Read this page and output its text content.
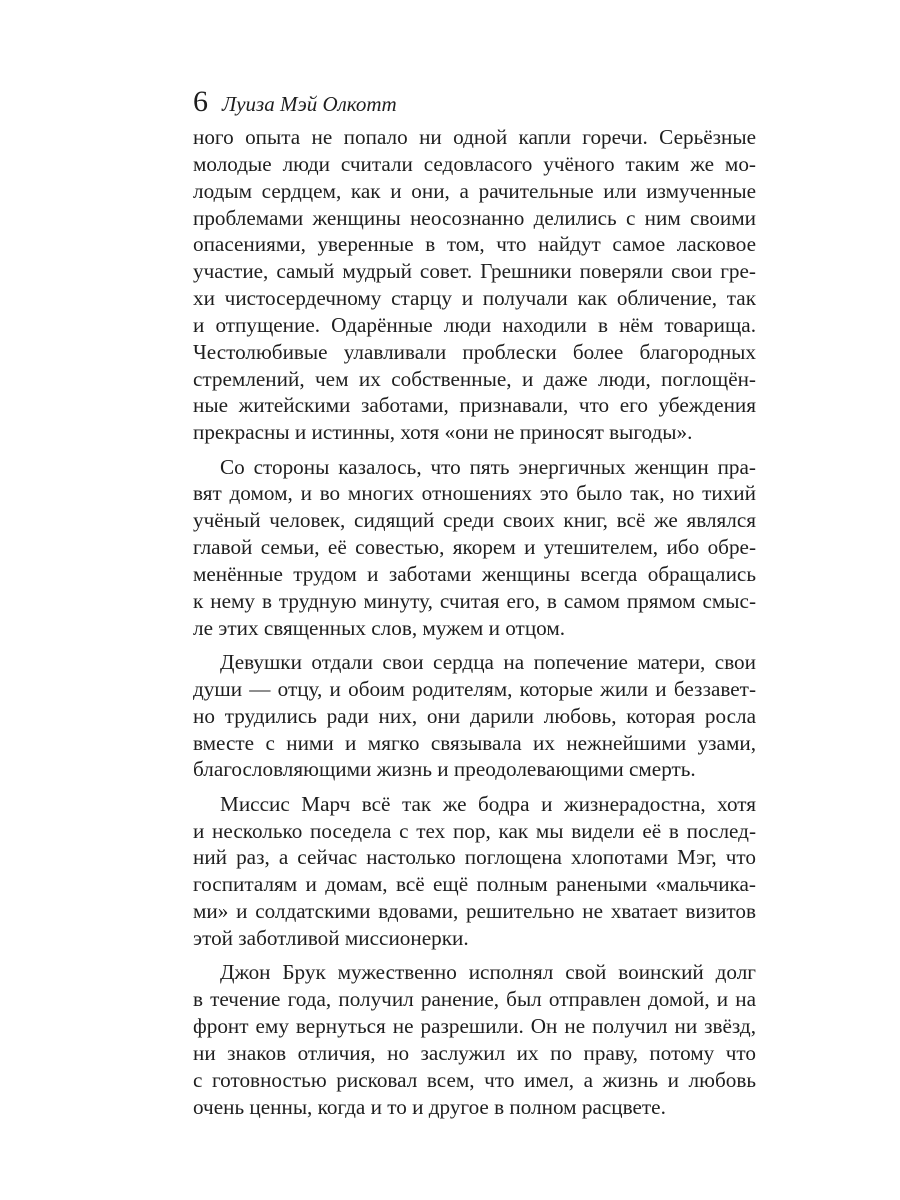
6 Луиза Мэй Олкотт
ного опыта не попало ни одной капли горечи. Серьёзные
молодые люди считали седовласого учёного таким же мо-
лодым сердцем, как и они, а рачительные или измученные
проблемами женщины неосознанно делились с ним своими
опасениями, уверенные в том, что найдут самое ласковое
участие, самый мудрый совет. Грешники поверяли свои гре-
хи чистосердечному старцу и получали как обличение, так
и отпущение. Одарённые люди находили в нём товарища.
Честолюбивые улавливали проблески более благородных
стремлений, чем их собственные, и даже люди, поглощён-
ные житейскими заботами, признавали, что его убеждения
прекрасны и истинны, хотя «они не приносят выгоды».
Со стороны казалось, что пять энергичных женщин пра-
вят домом, и во многих отношениях это было так, но тихий
учёный человек, сидящий среди своих книг, всё же являлся
главой семьи, её совестью, якорем и утешителем, ибо обре-
менённые трудом и заботами женщины всегда обращались
к нему в трудную минуту, считая его, в самом прямом смыс-
ле этих священных слов, мужем и отцом.
Девушки отдали свои сердца на попечение матери, свои
души — отцу, и обоим родителям, которые жили и беззавет-
но трудились ради них, они дарили любовь, которая росла
вместе с ними и мягко связывала их нежнейшими узами,
благословляющими жизнь и преодолевающими смерть.
Миссис Марч всё так же бодра и жизнерадостна, хотя
и несколько поседела с тех пор, как мы видели её в послед-
ний раз, а сейчас настолько поглощена хлопотами Мэг, что
госпиталям и домам, всё ещё полным ранеными «мальчика-
ми» и солдатскими вдовами, решительно не хватает визитов
этой заботливой миссионерки.
Джон Брук мужественно исполнял свой воинский долг
в течение года, получил ранение, был отправлен домой, и на
фронт ему вернуться не разрешили. Он не получил ни звёзд,
ни знаков отличия, но заслужил их по праву, потому что
с готовностью рисковал всем, что имел, а жизнь и любовь
очень ценны, когда и то и другое в полном расцвете.
